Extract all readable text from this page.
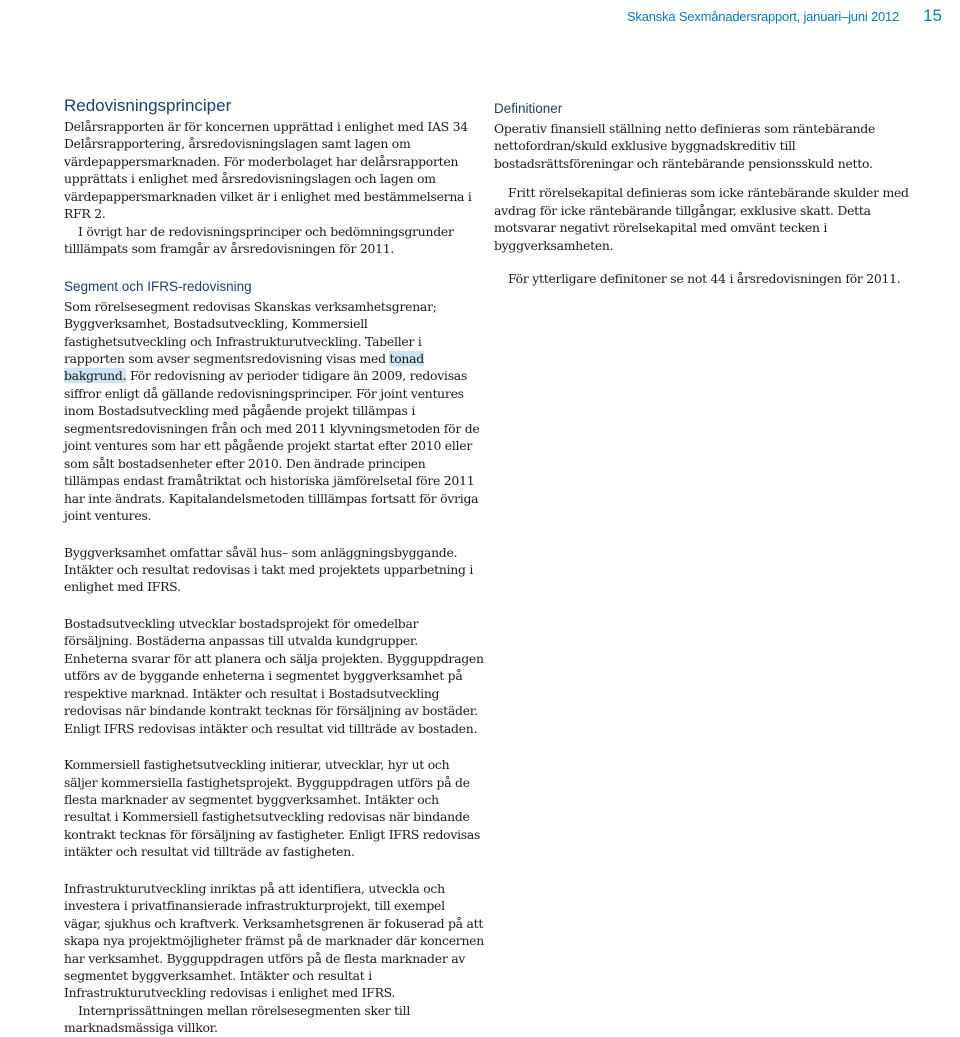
Skanska Sexmånadersrapport, januari–juni 2012 15
Redovisningsprinciper

Delårsrapporten är för koncernen upprättad i enlighet med IAS 34 Delårsrapportering, årsredovisningslagen samt lagen om värdepappersmarknaden. För moderbolaget har delårsrapporten upprättats i enlighet med årsredovisningslagen och lagen om värdepappersmarknaden vilket är i enlighet med bestämmelserna i RFR 2.

I övrigt har de redovisningsprinciper och bedömningsgrunder tilllämpats som framgår av årsredovisningen för 2011.

Segment och IFRS-redovisning

Som rörelsesegment redovisas Skanskas verksamhetsgrenar; Byggverksamhet, Bostadsutveckling, Kommersiell fastighetsutveckling och Infrastrukturutveckling. Tabeller i rapporten som avser segmentsredovisning visas med tonad bakgrund. För redovisning av perioder tidigare än 2009, redovisas siffror enligt då gällande redovisningsprinciper. För joint ventures inom Bostadsutveckling med pågående projekt tillämpas i segmentsredovisningen från och med 2011 klyvningsmetoden för de joint ventures som har ett pågående projekt startat efter 2010 eller som sålt bostadsenheter efter 2010. Den ändrade principen tillämpas endast framåtriktat och historiska jämförelsetal före 2011 har inte ändrats. Kapitalandelsmetoden tilllämpas fortsatt för övriga joint ventures.

Byggverksamhet omfattar såväl hus– som anläggningsbyggande. Intäkter och resultat redovisas i takt med projektets upparbetning i enlighet med IFRS.

Bostadsutveckling utvecklar bostadsprojekt för omedelbar försäljning. Bostäderna anpassas till utvalda kundgrupper. Enheterna svarar för att planera och sälja projekten. Bygguppdragen utförs av de byggande enheterna i segmentet byggverksamhet på respektive marknad. Intäkter och resultat i Bostadsutveckling redovisas när bindande kontrakt tecknas för försäljning av bostäder. Enligt IFRS redovisas intäkter och resultat vid tillträde av bostaden.

Kommersiell fastighetsutveckling initierar, utvecklar, hyr ut och säljer kommersiella fastighetsprojekt. Bygguppdragen utförs på de flesta marknader av segmentet byggverksamhet. Intäkter och resultat i Kommersiell fastighetsutveckling redovisas när bindande kontrakt tecknas för försäljning av fastigheter. Enligt IFRS redovisas intäkter och resultat vid tillträde av fastigheten.

Infrastrukturutveckling inriktas på att identifiera, utveckla och investera i privatfinansierade infrastrukturprojekt, till exempel vägar, sjukhus och kraftverk. Verksamhetsgrenen är fokuserad på att skapa nya projektmöjligheter främst på de marknader där koncernen har verksamhet. Bygguppdragen utförs på de flesta marknader av segmentet byggverksamhet. Intäkter och resultat i Infrastrukturutveckling redovisas i enlighet med IFRS.

Internprissättningen mellan rörelsesegmenten sker till marknadsmässiga villkor.

Definitioner

Operativ finansiell ställning netto definieras som räntebärande nettofordran/skuld exklusive byggnadskreditiv till bostadsrättsföreningar och räntebärande pensionsskuld netto.

Fritt rörelsekapital definieras som icke räntebärande skulder med avdrag för icke räntebärande tillgångar, exklusive skatt. Detta motsvarar negativt rörelsekapital med omvänt tecken i byggverksamheten.

För ytterligare definitoner se not 44 i årsredovisningen för 2011.
